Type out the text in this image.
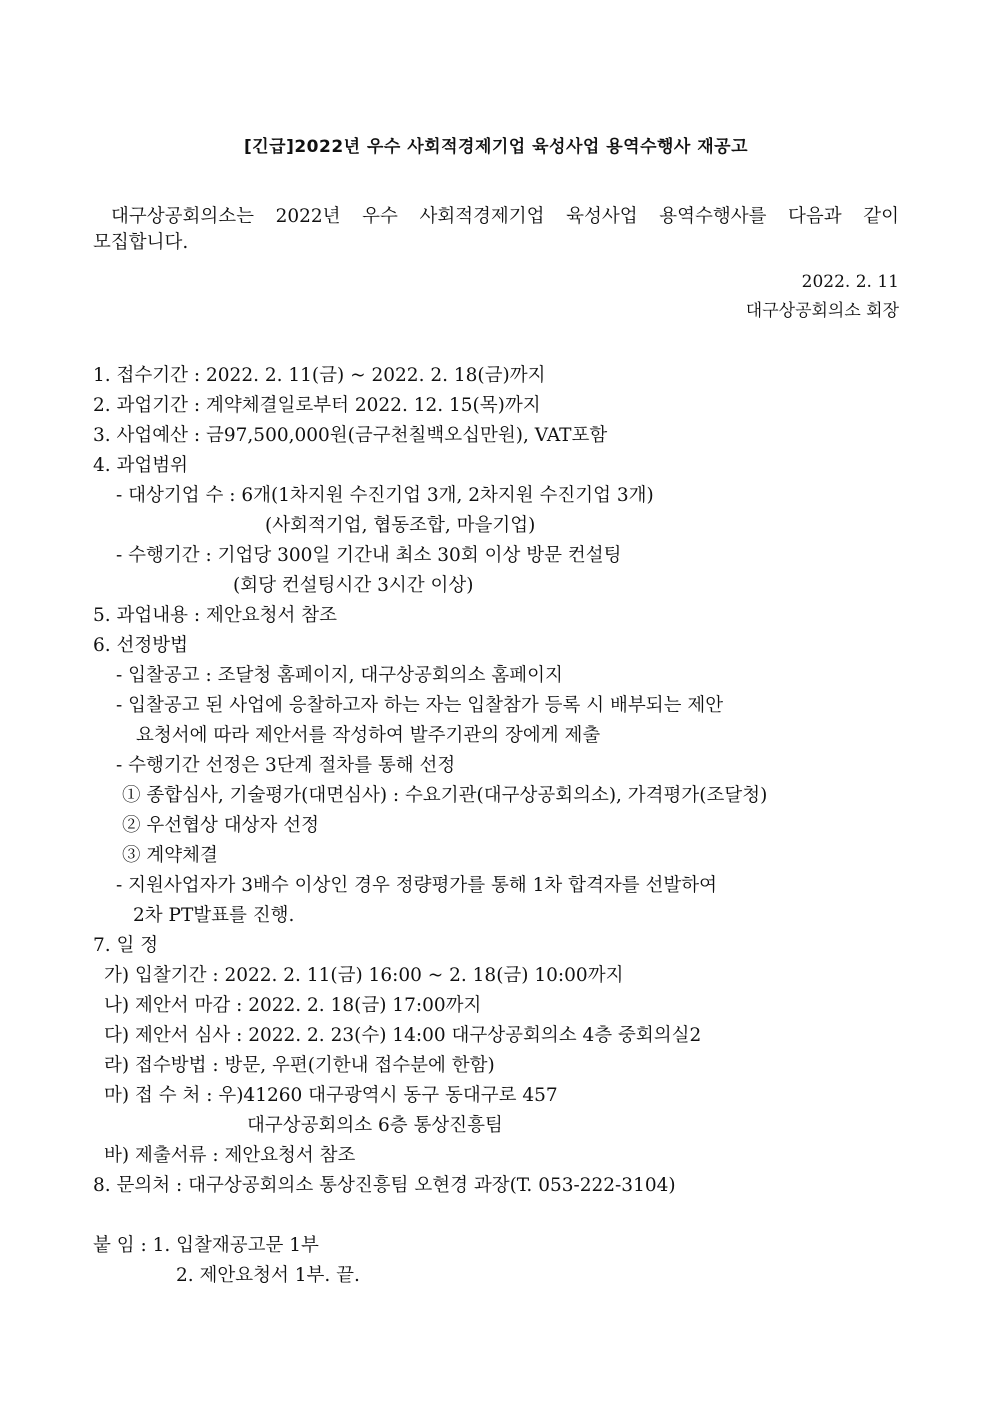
[긴급]2022년 우수 사회적경제기업 육성사업 용역수행사 재공고
대구상공회의소는 2022년 우수 사회적경제기업 육성사업 용역수행사를 다음과 같이
모집합니다.
2022. 2. 11
대구상공회의소 회장
1. 접수기간 : 2022. 2. 11(금) ~ 2022. 2. 18(금)까지
2. 과업기간 : 계약체결일로부터 2022. 12. 15(목)까지
3. 사업예산 : 금97,500,000원(금구천칠백오십만원), VAT포함
4. 과업범위
- 대상기업 수 : 6개(1차지원 수진기업 3개, 2차지원 수진기업 3개)
(사회적기업, 협동조합, 마을기업)
- 수행기간 : 기업당 300일 기간내 최소 30회 이상 방문 컨설팅
(회당 컨설팅시간 3시간 이상)
5. 과업내용 : 제안요청서 참조
6. 선정방법
- 입찰공고 : 조달청 홈페이지, 대구상공회의소 홈페이지
- 입찰공고 된 사업에 응찰하고자 하는 자는 입찰참가 등록 시 배부되는 제안
요청서에 따라 제안서를 작성하여 발주기관의 장에게 제출
- 수행기간 선정은 3단계 절차를 통해 선정
① 종합심사, 기술평가(대면심사) : 수요기관(대구상공회의소), 가격평가(조달청)
② 우선협상 대상자 선정
③ 계약체결
- 지원사업자가 3배수 이상인 경우 정량평가를 통해 1차 합격자를 선발하여
2차 PT발표를 진행.
7. 일 정
가) 입찰기간 : 2022. 2. 11(금) 16:00 ~ 2. 18(금) 10:00까지
나) 제안서 마감 : 2022. 2. 18(금) 17:00까지
다) 제안서 심사 : 2022. 2. 23(수) 14:00 대구상공회의소 4층 중회의실2
라) 접수방법 : 방문, 우편(기한내 접수분에 한함)
마) 접 수 처 : 우)41260 대구광역시 동구 동대구로 457
대구상공회의소 6층 통상진흥팀
바) 제출서류 : 제안요청서 참조
8. 문의처 : 대구상공회의소 통상진흥팀 오현경 과장(T. 053-222-3104)
붙 임 : 1. 입찰재공고문 1부
2. 제안요청서 1부. 끝.
